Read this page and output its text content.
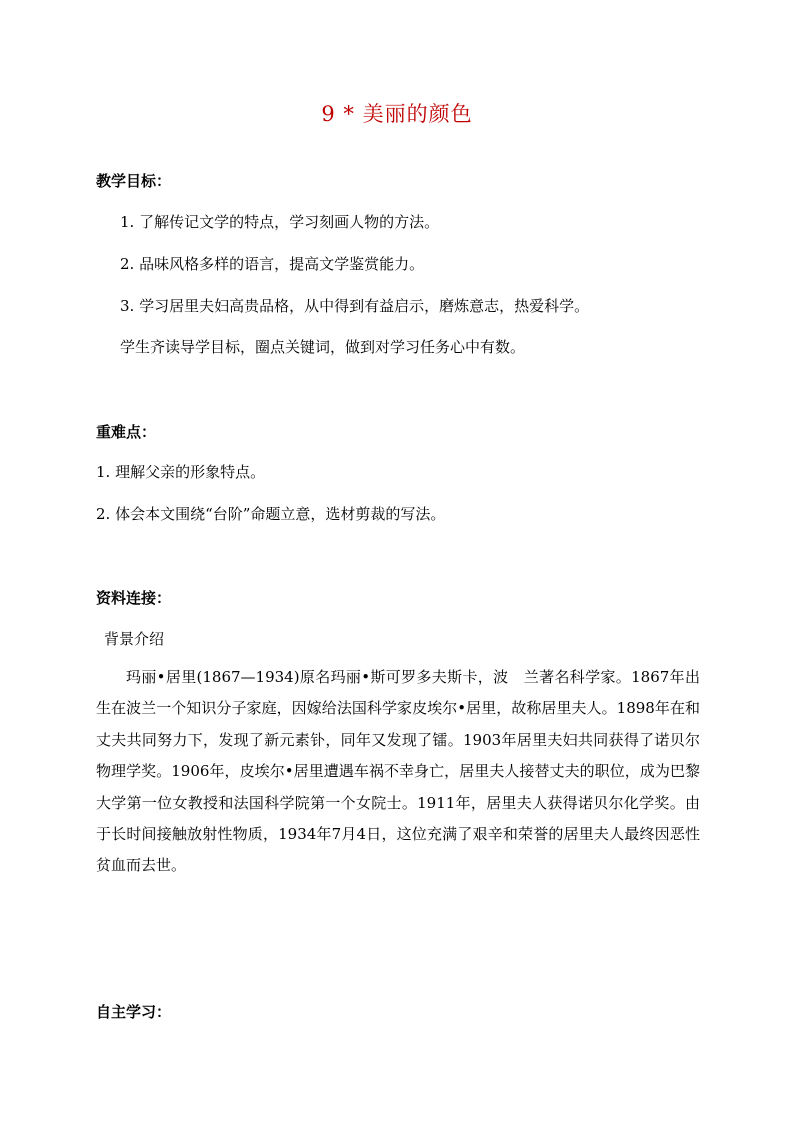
9 * 美丽的颜色
教学目标：
1. 了解传记文学的特点，学习刻画人物的方法。
2. 品味风格多样的语言，提高文学鉴赏能力。
3. 学习居里夫妇高贵品格，从中得到有益启示，磨炼意志，热爱科学。
学生齐读导学目标，圈点关键词，做到对学习任务心中有数。
重难点：
1. 理解父亲的形象特点。
2. 体会本文围绕“台阶”命题立意，选材剪裁的写法。
资料连接：
背景介绍
玛丽•居里(1867—1934)原名玛丽•斯可罗多夫斯卡，波　兰著名科学家。1867年出生在波兰一个知识分子家庭，因嫁给法国科学家皮埃尔•居里，故称居里夫人。1898年在和丈夫共同努力下，发现了新元素钋，同年又发现了镭。1903年居里夫妇共同获得了诺贝尔物理学奖。1906年，皮埃尔•居里遭遇车祸不幸身亡，居里夫人接替丈夫的职位，成为巴黎大学第一位女教授和法国科学院第一个女院士。1911年，居里夫人获得诺贝尔化学奖。由于长时间接触放射性物质，1934年7月4日，这位充满了艰辛和荣誉的居里夫人最终因恶性贫血而去世。
自主学习：
